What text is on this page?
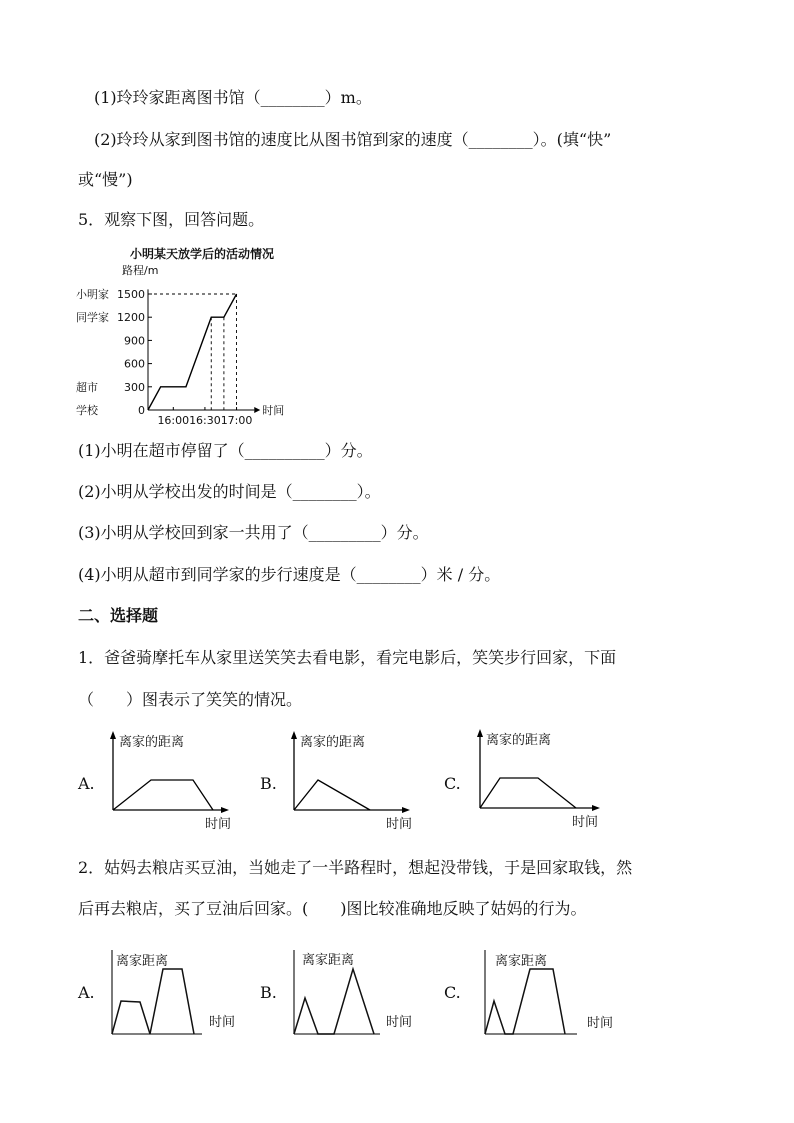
(1)玲玲家距离图书馆（________）m。
(2)玲玲从家到图书馆的速度比从图书馆到家的速度（________）。(填“快”
或“慢”)
5．观察下图，回答问题。
小明某天放学后的活动情况
路程/m
0
300
600
900
1200
1500
小明家
同学家
超市
学校
16:00 16:30 17:00
时间
(1)小明在超市停留了（__________）分。
(2)小明从学校出发的时间是（________）。
(3)小明从学校回到家一共用了（_________）分。
(4)小明从超市到同学家的步行速度是（________）米 / 分。
二、选择题
1．爸爸骑摩托车从家里送笑笑去看电影，看完电影后，笑笑步行回家，下面
（　　）图表示了笑笑的情况。
A.
离家的距离
时间
B.
离家的距离
时间
C.
离家的距离
时间
2．姑妈去粮店买豆油，当她走了一半路程时，想起没带钱，于是回家取钱，然
后再去粮店，买了豆油后回家。(　　)图比较准确地反映了姑妈的行为。
A.
离家距离
时间
B.
离家距离
时间
C.
离家距离
时间
